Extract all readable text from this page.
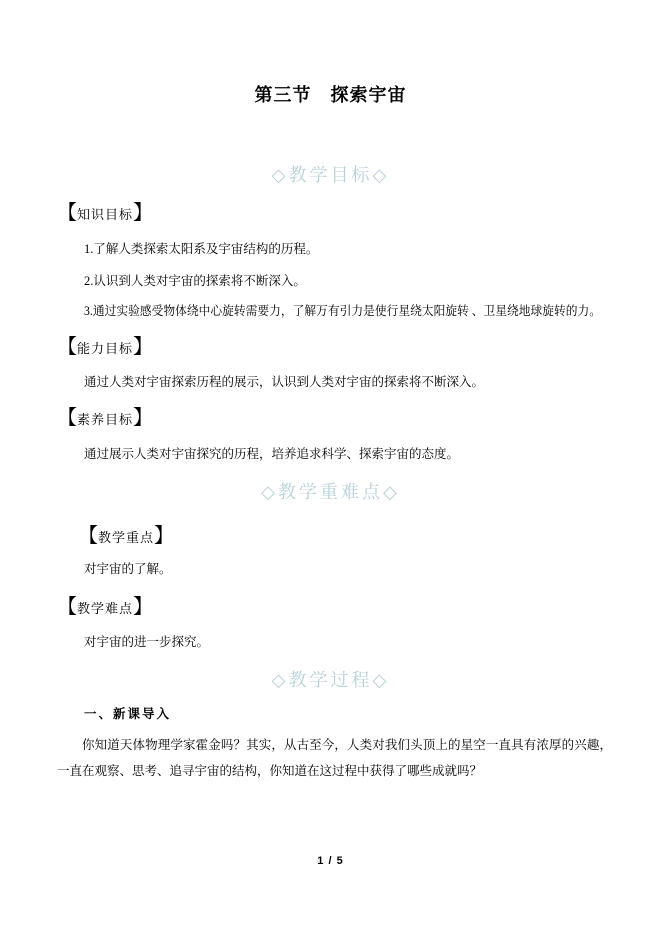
第三节　探索宇宙
◇教学目标◇
【知识目标】

1.了解人类探索太阳系及宇宙结构的历程。

2.认识到人类对宇宙的探索将不断深入。

3.通过实验感受物体绕中心旋转需要力，了解万有引力是使行星绕太阳旋转 、卫星绕地球旋转的力。

【能力目标】

通过人类对宇宙探索历程的展示，认识到人类对宇宙的探索将不断深入。

【素养目标】

通过展示人类对宇宙探究的历程，培养追求科学、探索宇宙的态度。

◇教学重难点◇
【教学重点】

对宇宙的了解。

【教学难点】

对宇宙的进一步探究。

◇教学过程◇
一、新课导入

你知道天体物理学家霍金吗？其实，从古至今，人类对我们头顶上的星空一直具有浓厚的兴趣，一直在观察、思考、追寻宇宙的结构，你知道在这过程中获得了哪些成就吗？

1 / 5
